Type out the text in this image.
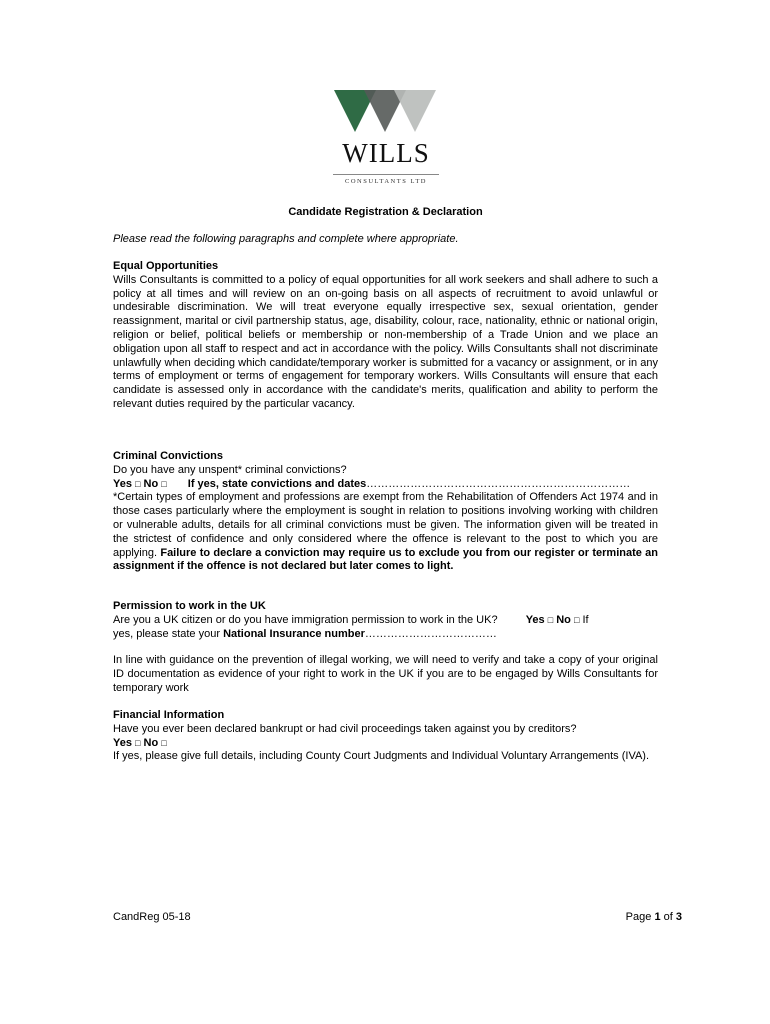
WILLS
CONSULTANTS LTD
Candidate Registration & Declaration
Please read the following paragraphs and complete where appropriate.

Equal Opportunities

Wills Consultants is committed to a policy of equal opportunities for all work seekers and shall adhere to such a policy at all times and will review on an on-going basis on all aspects of recruitment to avoid unlawful or undesirable discrimination. We will treat everyone equally irrespective sex, sexual orientation, gender reassignment, marital or civil partnership status, age, disability, colour, race, nationality, ethnic or national origin, religion or belief, political beliefs or membership or non-membership of a Trade Union and we place an obligation upon all staff to respect and act in accordance with the policy. Wills Consultants shall not discriminate unlawfully when deciding which candidate/temporary worker is submitted for a vacancy or assignment, or in any terms of employment or terms of engagement for temporary workers. Wills Consultants will ensure that each candidate is assessed only in accordance with the candidate's merits, qualification and ability to perform the relevant duties required by the particular vacancy.

Criminal Convictions

Do you have any unspent* criminal convictions?

Yes □ No □ If yes, state convictions and dates………………………………………………………………

*Certain types of employment and professions are exempt from the Rehabilitation of Offenders Act 1974 and in those cases particularly where the employment is sought in relation to positions involving working with children or vulnerable adults, details for all criminal convictions must be given. The information given will be treated in the strictest of confidence and only considered where the offence is relevant to the post to which you are applying. Failure to declare a conviction may require us to exclude you from our register or terminate an assignment if the offence is not declared but later comes to light.

Permission to work in the UK

Are you a UK citizen or do you have immigration permission to work in the UK?	Yes □ No □ If

yes, please state your National Insurance number………………………………

In line with guidance on the prevention of illegal working, we will need to verify and take a copy of your original ID documentation as evidence of your right to work in the UK if you are to be engaged by Wills Consultants for temporary work

Financial Information

Have you ever been declared bankrupt or had civil proceedings taken against you by creditors?

Yes □ No □

If yes, please give full details, including County Court Judgments and Individual Voluntary Arrangements (IVA).

CandReg 05-18	Page 1 of 3
